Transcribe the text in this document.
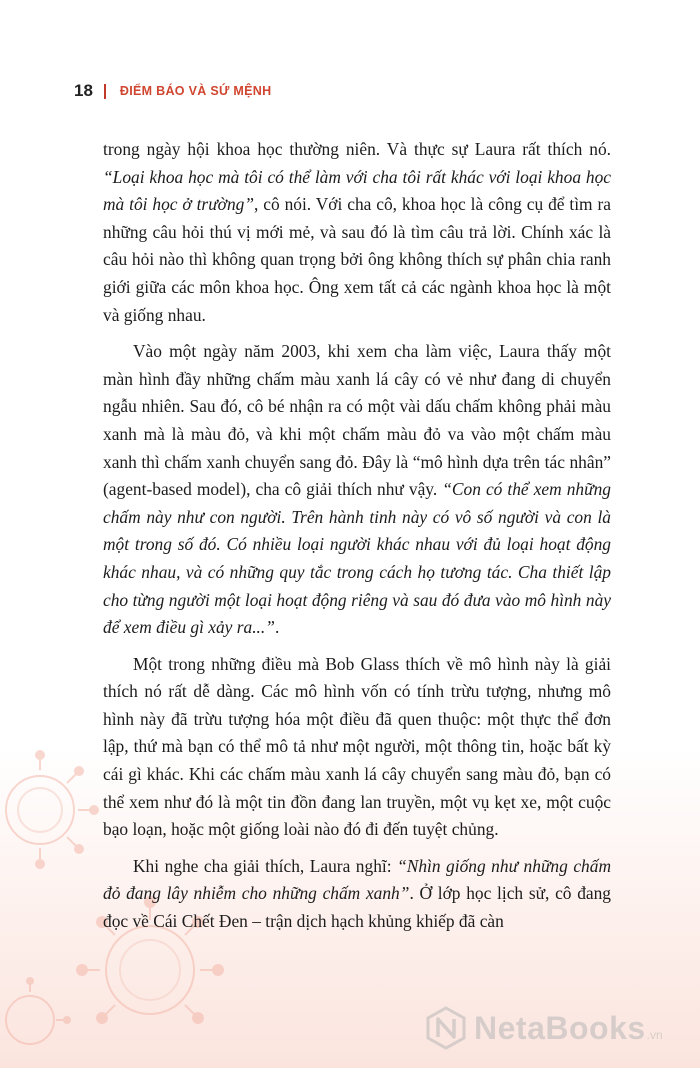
18 ĐIỂM BÁO VÀ SỨ MỆNH

trong ngày hội khoa học thường niên. Và thực sự Laura rất thích nó. “Loại khoa học mà tôi có thể làm với cha tôi rất khác với loại khoa học mà tôi học ở trường”, cô nói. Với cha cô, khoa học là công cụ để tìm ra những câu hỏi thú vị mới mẻ, và sau đó là tìm câu trả lời. Chính xác là câu hỏi nào thì không quan trọng bởi ông không thích sự phân chia ranh giới giữa các môn khoa học. Ông xem tất cả các ngành khoa học là một và giống nhau.

Vào một ngày năm 2003, khi xem cha làm việc, Laura thấy một màn hình đầy những chấm màu xanh lá cây có vẻ như đang di chuyển ngẫu nhiên. Sau đó, cô bé nhận ra có một vài dấu chấm không phải màu xanh mà là màu đỏ, và khi một chấm màu đỏ va vào một chấm màu xanh thì chấm xanh chuyển sang đỏ. Đây là “mô hình dựa trên tác nhân” (agent-based model), cha cô giải thích như vậy. “Con có thể xem những chấm này như con người. Trên hành tinh này có vô số người và con là một trong số đó. Có nhiều loại người khác nhau với đủ loại hoạt động khác nhau, và có những quy tắc trong cách họ tương tác. Cha thiết lập cho từng người một loại hoạt động riêng và sau đó đưa vào mô hình này để xem điều gì xảy ra...”.

Một trong những điều mà Bob Glass thích về mô hình này là giải thích nó rất dễ dàng. Các mô hình vốn có tính trừu tượng, nhưng mô hình này đã trừu tượng hóa một điều đã quen thuộc: một thực thể đơn lập, thứ mà bạn có thể mô tả như một người, một thông tin, hoặc bất kỳ cái gì khác. Khi các chấm màu xanh lá cây chuyển sang màu đỏ, bạn có thể xem như đó là một tin đồn đang lan truyền, một vụ kẹt xe, một cuộc bạo loạn, hoặc một giống loài nào đó đi đến tuyệt chủng.

Khi nghe cha giải thích, Laura nghĩ: “Nhìn giống như những chấm đỏ đang lây nhiễm cho những chấm xanh”. Ở lớp học lịch sử, cô đang đọc về Cái Chết Đen – trận dịch hạch khủng khiếp đã càn

NetaBooks .vn
